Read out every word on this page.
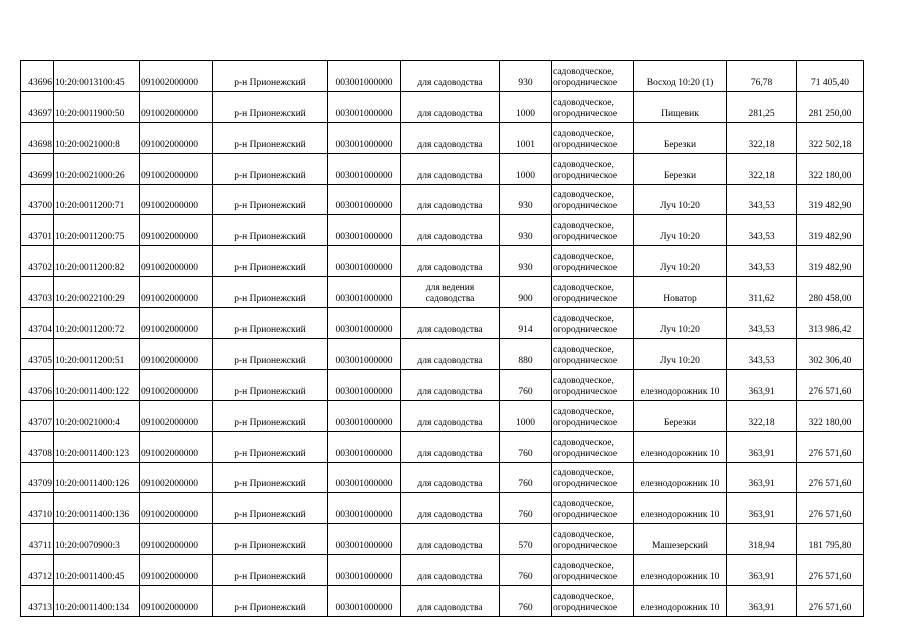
43696	10:20:0013100:45	091002000000	р-н Прионежский	003001000000	для садоводства	930	садоводческое,
огородническое	Восход 10:20 (1)	76,78	71 405,40
43697	10:20:0011900:50	091002000000	р-н Прионежский	003001000000	для садоводства	1000	садоводческое,
огородническое	Пищевик	281,25	281 250,00
43698	10:20:0021000:8	091002000000	р-н Прионежский	003001000000	для садоводства	1001	садоводческое,
огородническое	Березки	322,18	322 502,18
43699	10:20:0021000:26	091002000000	р-н Прионежский	003001000000	для садоводства	1000	садоводческое,
огородническое	Березки	322,18	322 180,00
43700	10:20:0011200:71	091002000000	р-н Прионежский	003001000000	для садоводства	930	садоводческое,
огородническое	Луч 10:20	343,53	319 482,90
43701	10:20:0011200:75	091002000000	р-н Прионежский	003001000000	для садоводства	930	садоводческое,
огородническое	Луч 10:20	343,53	319 482,90
43702	10:20:0011200:82	091002000000	р-н Прионежский	003001000000	для садоводства	930	садоводческое,
огородническое	Луч 10:20	343,53	319 482,90
43703	10:20:0022100:29	091002000000	р-н Прионежский	003001000000	для ведения садоводства	900	садоводческое,
огородническое	Новатор	311,62	280 458,00
43704	10:20:0011200:72	091002000000	р-н Прионежский	003001000000	для садоводства	914	садоводческое,
огородническое	Луч 10:20	343,53	313 986,42
43705	10:20:0011200:51	091002000000	р-н Прионежский	003001000000	для садоводства	880	садоводческое,
огородническое	Луч 10:20	343,53	302 306,40
43706	10:20:0011400:122	091002000000	р-н Прионежский	003001000000	для садоводства	760	садоводческое,
огородническое	елезнодорожник 10	363,91	276 571,60
43707	10:20:0021000:4	091002000000	р-н Прионежский	003001000000	для садоводства	1000	садоводческое,
огородническое	Березки	322,18	322 180,00
43708	10:20:0011400:123	091002000000	р-н Прионежский	003001000000	для садоводства	760	садоводческое,
огородническое	елезнодорожник 10	363,91	276 571,60
43709	10:20:0011400:126	091002000000	р-н Прионежский	003001000000	для садоводства	760	садоводческое,
огородническое	елезнодорожник 10	363,91	276 571,60
43710	10:20:0011400:136	091002000000	р-н Прионежский	003001000000	для садоводства	760	садоводческое,
огородническое	елезнодорожник 10	363,91	276 571,60
43711	10:20:0070900:3	091002000000	р-н Прионежский	003001000000	для садоводства	570	садоводческое,
огородническое	Машезерский	318,94	181 795,80
43712	10:20:0011400:45	091002000000	р-н Прионежский	003001000000	для садоводства	760	садоводческое,
огородническое	елезнодорожник 10	363,91	276 571,60
43713	10:20:0011400:134	091002000000	р-н Прионежский	003001000000	для садоводства	760	садоводческое,
огородническое	елезнодорожник 10	363,91	276 571,60
